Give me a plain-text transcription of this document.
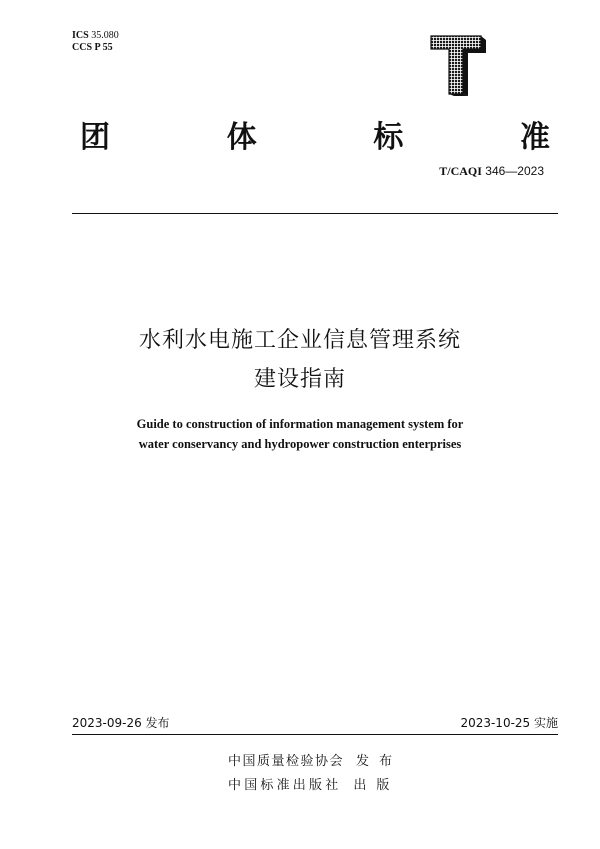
ICS 35.080
CCS P 55
团	体	标	准
T/CAQI 346—2023
水利水电施工企业信息管理系统
建设指南
Guide to construction of information management system for
water conservancy and hydropower construction enterprises
2023-09-26 发布	2023-10-25 实施
中国质量检验协会 发布
中国标准出版社 出版
